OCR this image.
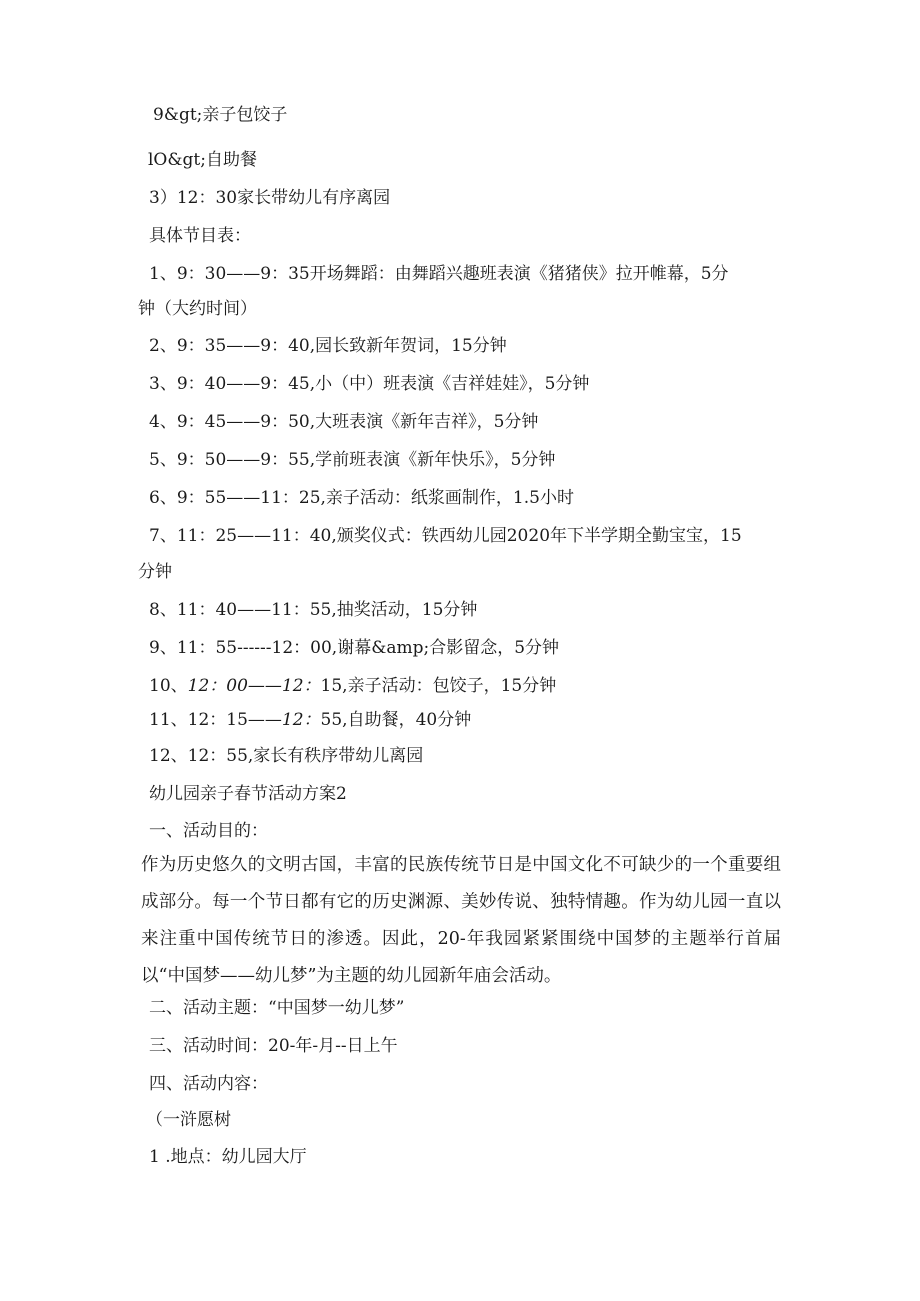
9&gt;亲子包饺子

lO&gt;自助餐

3）12：30家长带幼儿有序离园

具体节目表：

1、9：30——9：35开场舞蹈：由舞蹈兴趣班表演《猪猪侠》拉开帷幕，5分

钟（大约时间）

2、9：35——9：40,园长致新年贺词，15分钟

3、9：40——9：45,小（中）班表演《吉祥娃娃》，5分钟

4、9：45——9：50,大班表演《新年吉祥》，5分钟

5、9：50——9：55,学前班表演《新年快乐》，5分钟

6、9：55——11：25,亲子活动：纸浆画制作，1.5小时

7、11：25——11：40,颁奖仪式：铁西幼儿园2020年下半学期全勤宝宝，15

分钟

8、11：40——11：55,抽奖活动，15分钟

9、11：55------12：00,谢幕&amp;合影留念，5分钟

10、12：00——12：15,亲子活动：包饺子，15分钟

11、12：15——12：55,自助餐，40分钟

12、12：55,家长有秩序带幼儿离园

幼儿园亲子春节活动方案2

一、活动目的：

作为历史悠久的文明古国，丰富的民族传统节日是中国文化不可缺少的一个重要组成部分。每一个节日都有它的历史渊源、美妙传说、独特情趣。作为幼儿园一直以来注重中国传统节日的渗透。因此，20-年我园紧紧围绕中国梦的主题举行首届以“中国梦——幼儿梦”为主题的幼儿园新年庙会活动。

二、活动主题：“中国梦一幼儿梦”

三、活动时间：20-年-月--日上午

四、活动内容：

（一浒愿树

1 .地点：幼儿园大厅
